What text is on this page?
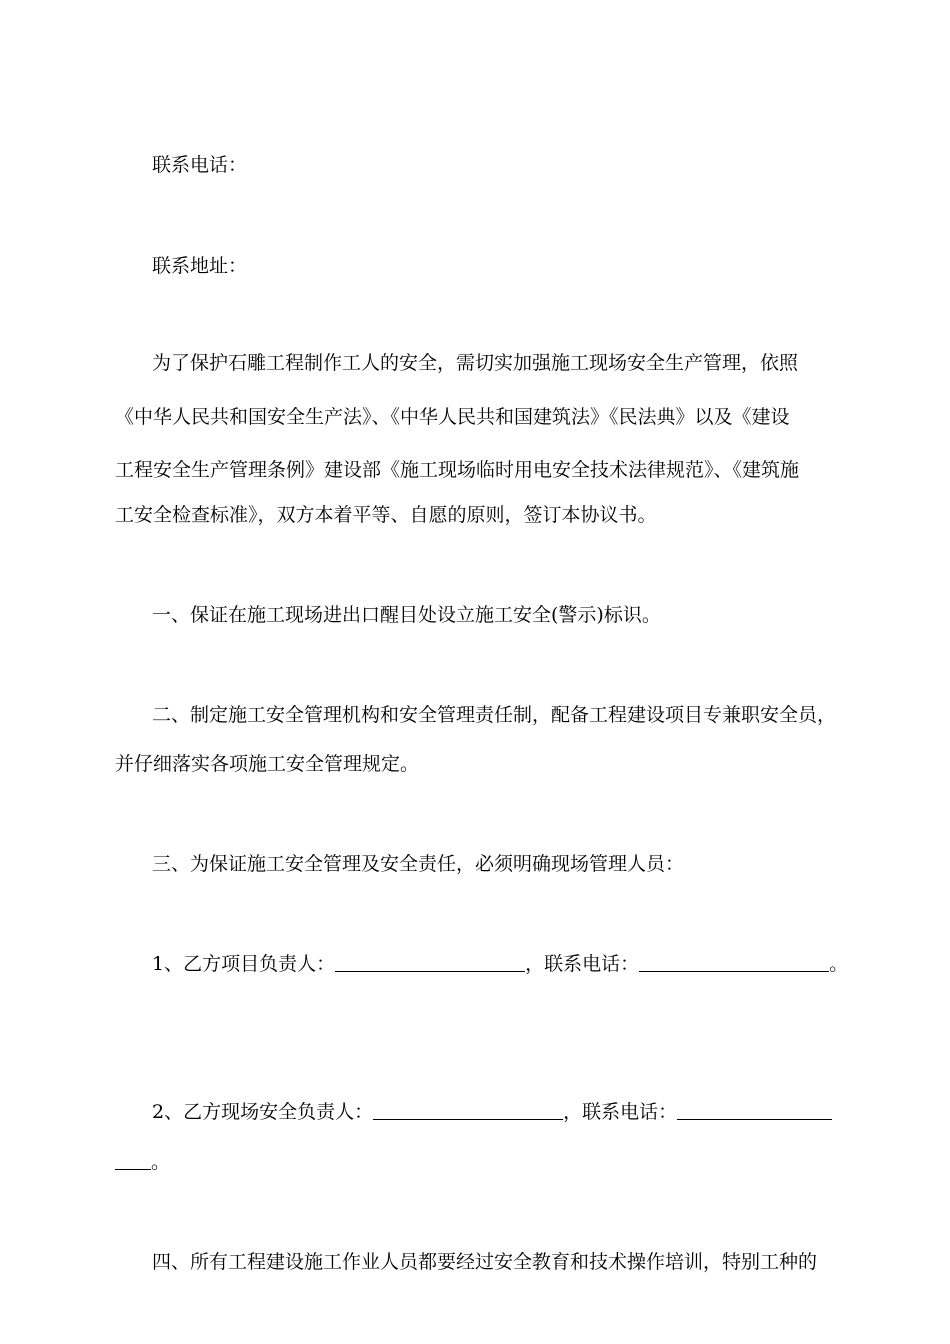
联系电话：
联系地址：
为了保护石雕工程制作工人的安全，需切实加强施工现场安全生产管理，依照
《中华人民共和国安全生产法》、《中华人民共和国建筑法》《民法典》以及《建设
工程安全生产管理条例》建设部《施工现场临时用电安全技术法律规范》、《建筑施
工安全检查标准》，双方本着平等、自愿的原则，签订本协议书。
一、保证在施工现场进出口醒目处设立施工安全(警示)标识。
二、制定施工安全管理机构和安全管理责任制，配备工程建设项目专兼职安全员，
并仔细落实各项施工安全管理规定。
三、为保证施工安全管理及安全责任，必须明确现场管理人员：
1、乙方项目负责人：	，联系电话：	。
2、乙方现场安全负责人：	，联系电话：
。
四、所有工程建设施工作业人员都要经过安全教育和技术操作培训，特别工种的
